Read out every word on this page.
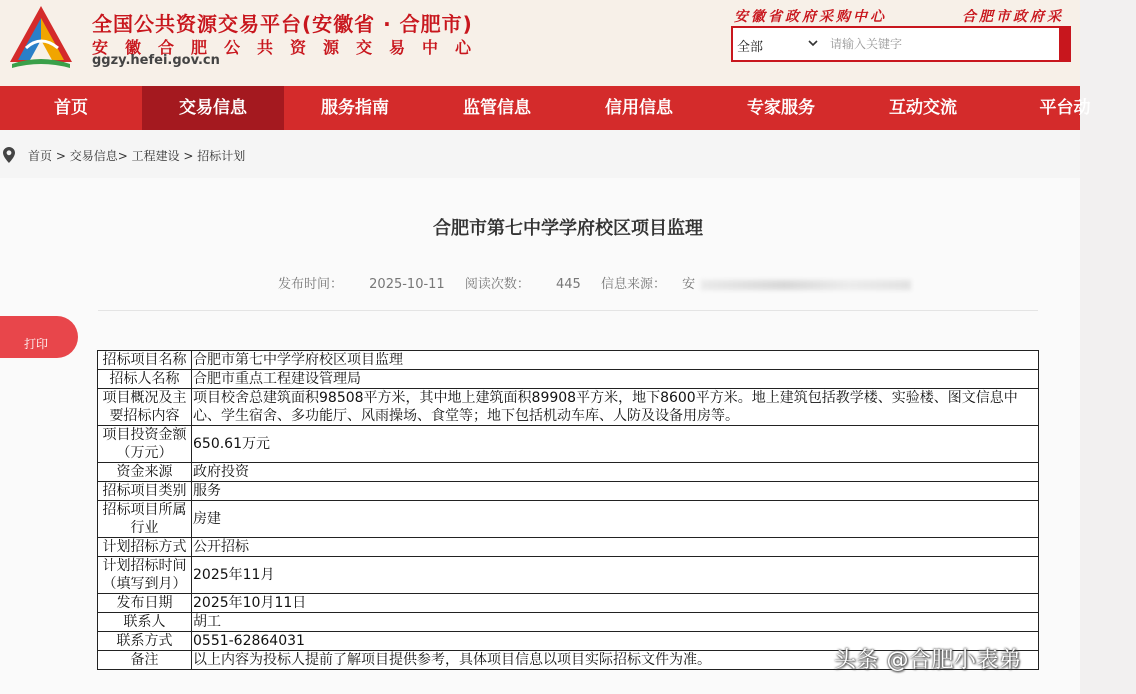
全国公共资源交易平台(安徽省 · 合肥市)
安徽合肥公共资源交易中心
ggzy.hefei.gov.cn
安徽省政府采购中心	合肥市政府采
全部
请输入关键字
首页	交易信息	服务指南	监管信息	信用信息	专家服务	互动交流	平台动
首页 > 交易信息> 工程建设 > 招标计划
合肥市第七中学学府校区项目监理
发布时间： 2025-10-11 阅读次数： 445 信息来源： 安
打印
招标项目名称	合肥市第七中学学府校区项目监理
招标人名称	合肥市重点工程建设管理局
项目概况及主要招标内容	项目校舍总建筑面积98508平方米，其中地上建筑面积89908平方米，地下8600平方米。地上建筑包括教学楼、实验楼、图文信息中心、学生宿舍、多功能厅、风雨操场、食堂等；地下包括机动车库、人防及设备用房等。
项目投资金额（万元）	650.61万元
资金来源	政府投资
招标项目类别	服务
招标项目所属行业	房建
计划招标方式	公开招标
计划招标时间（填写到月）	2025年11月
发布日期	2025年10月11日
联系人	胡工
联系方式	0551-62864031
备注	以上内容为投标人提前了解项目提供参考，具体项目信息以项目实际招标文件为准。	头条 @合肥小表弟
